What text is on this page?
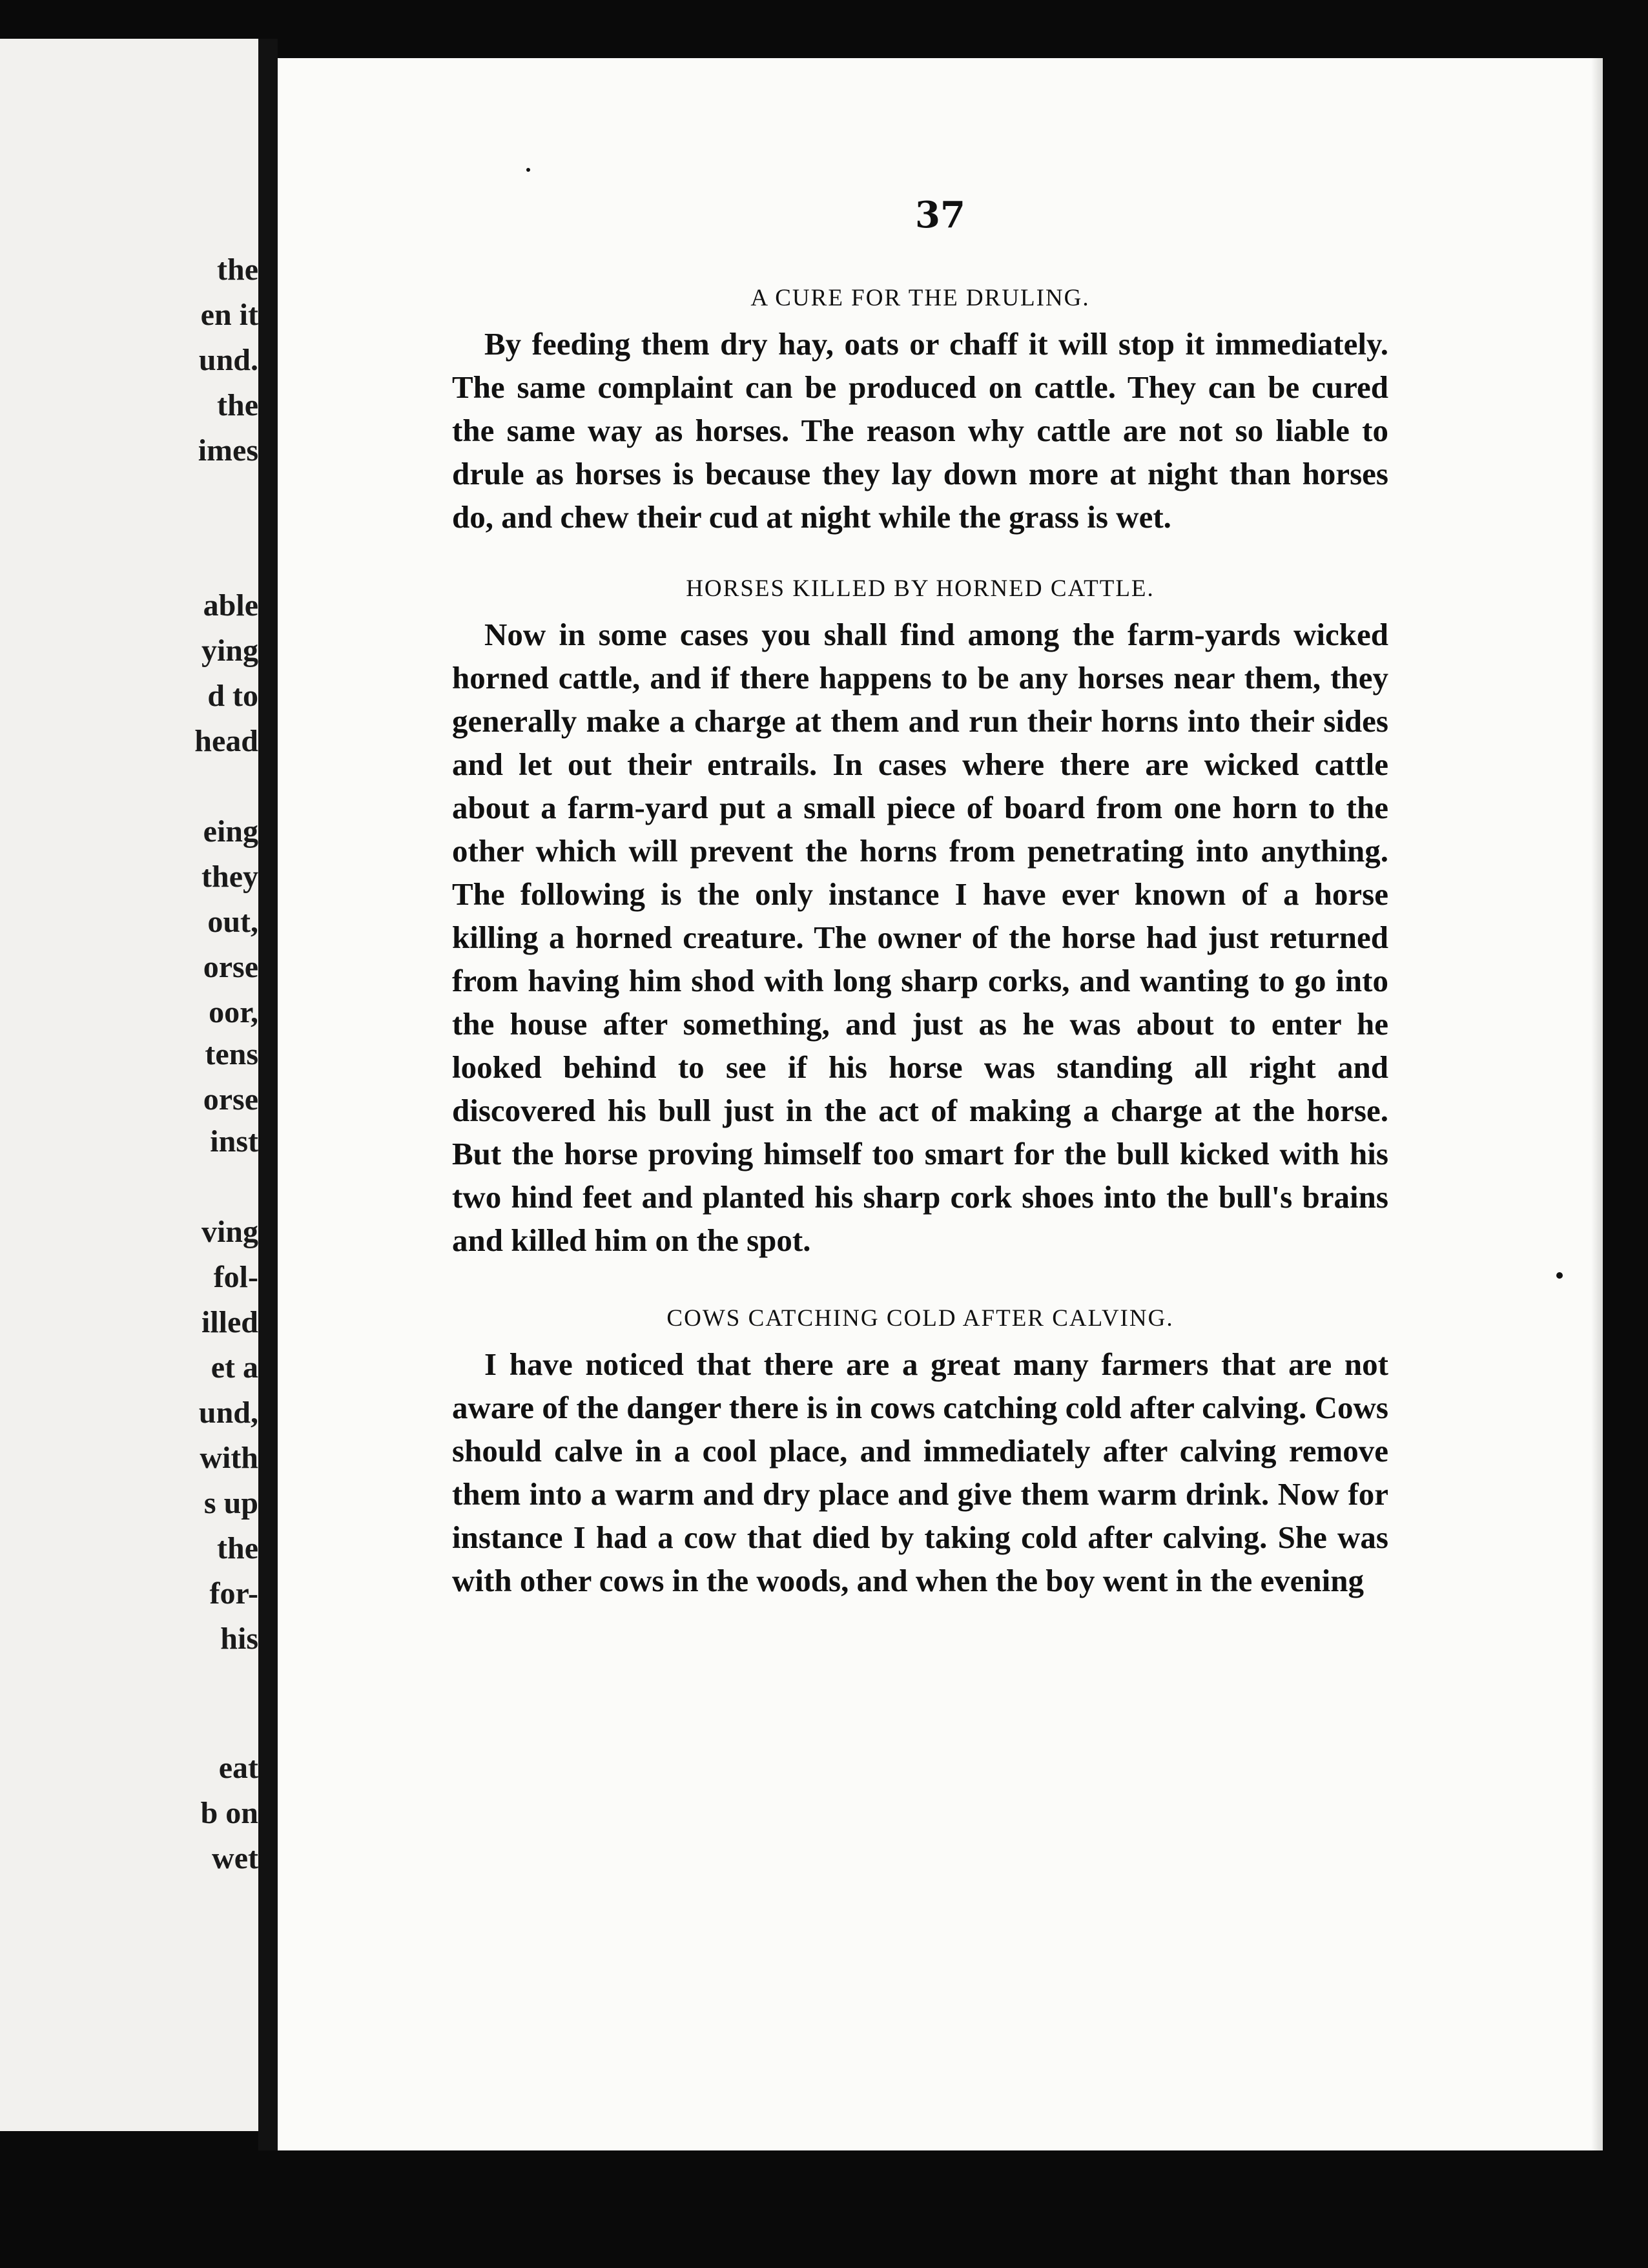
the
en it
und.
the
imes
able
ying
d to
head
eing
they
out,
orse
oor,
tens
orse
inst
ving
fol-
illed
et a
und,
with
s up
the
for-
his
eat
b on
wet
37
A CURE FOR THE DRULING.

By feeding them dry hay, oats or chaff it will stop it immediately. The same complaint can be produced on cattle. They can be cured the same way as horses. The reason why cattle are not so liable to drule as horses is because they lay down more at night than horses do, and chew their cud at night while the grass is wet.

HORSES KILLED BY HORNED CATTLE.

Now in some cases you shall find among the farm-yards wicked horned cattle, and if there happens to be any horses near them, they generally make a charge at them and run their horns into their sides and let out their entrails. In cases where there are wicked cattle about a farm-yard put a small piece of board from one horn to the other which will prevent the horns from penetrating into anything. The following is the only instance I have ever known of a horse killing a horned creature. The owner of the horse had just returned from having him shod with long sharp corks, and wanting to go into the house after something, and just as he was about to enter he looked behind to see if his horse was standing all right and discovered his bull just in the act of making a charge at the horse. But the horse proving himself too smart for the bull kicked with his two hind feet and planted his sharp cork shoes into the bull's brains and killed him on the spot.

COWS CATCHING COLD AFTER CALVING.

I have noticed that there are a great many farmers that are not aware of the danger there is in cows catching cold after calving. Cows should calve in a cool place, and immediately after calving remove them into a warm and dry place and give them warm drink. Now for instance I had a cow that died by taking cold after calving. She was with other cows in the woods, and when the boy went in the evening
